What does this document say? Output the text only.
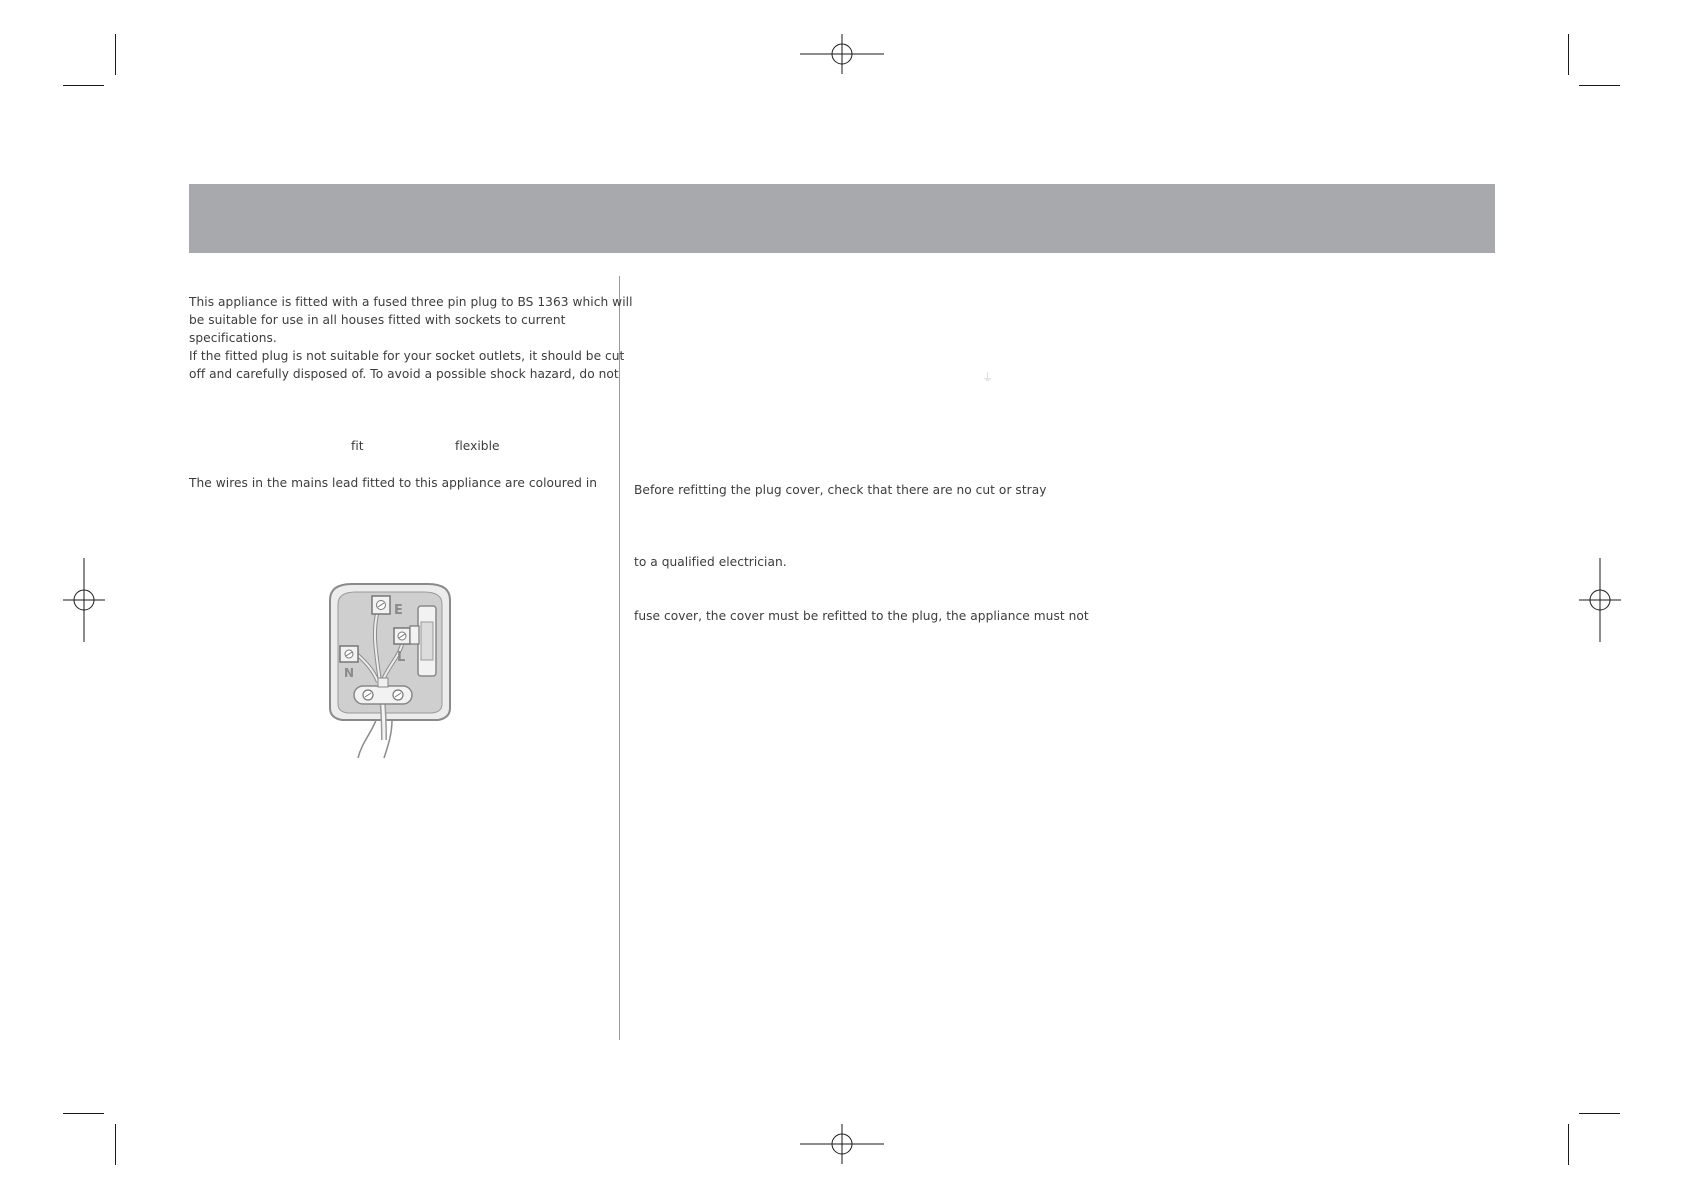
This appliance is fitted with a fused three pin plug to BS 1363 which will
be suitable for use in all houses fitted with sockets to current
specifications.
If the fitted plug is not suitable for your socket outlets, it should be cut
off and carefully disposed of. To avoid a possible shock hazard, do not
fit	flexible
The wires in the mains lead fitted to this appliance are coloured in
E
L
N
⏚
Before refitting the plug cover, check that there are no cut or stray
to a qualified electrician.
fuse cover, the cover must be refitted to the plug, the appliance must not
